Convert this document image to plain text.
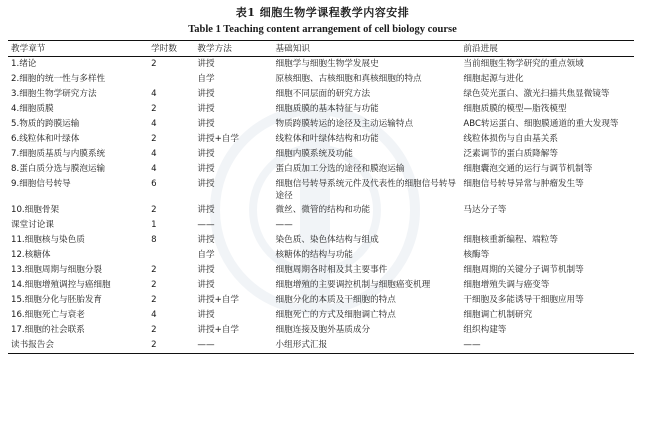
表1 细胞生物学课程教学内容安排
Table 1 Teaching content arrangement of cell biology course
教学章节	学时数	教学方法	基础知识	前沿进展
1.绪论	2	讲授	细胞学与细胞生物学发展史	当前细胞生物学研究的重点领域
2.细胞的统一性与多样性		自学	原核细胞、古核细胞和真核细胞的特点	细胞起源与进化
3.细胞生物学研究方法	4	讲授	细胞不同层面的研究方法	绿色荧光蛋白、激光扫描共焦显微镜等
4.细胞质膜	2	讲授	细胞质膜的基本特征与功能	细胞质膜的模型—脂筏模型
5.物质的跨膜运输	4	讲授	物质跨膜转运的途径及主动运输特点	ABC转运蛋白、细胞膜通道的重大发现等
6.线粒体和叶绿体	2	讲授+自学	线粒体和叶绿体结构和功能	线粒体损伤与自由基关系
7.细胞质基质与内膜系统	4	讲授	细胞内膜系统及功能	泛素调节的蛋白质降解等
8.蛋白质分选与膜泡运输	4	讲授	蛋白质加工分选的途径和膜泡运输	细胞囊泡交通的运行与调节机制等
9.细胞信号转导	6	讲授	细胞信号转导系统元件及代表性的细胞信号转导途径	细胞信号转导异常与肿瘤发生等
10.细胞骨架	2	讲授	微丝、微管的结构和功能	马达分子等
课堂讨论课	1	——	——	
11.细胞核与染色质	8	讲授	染色质、染色体结构与组成	细胞核重新编程、端粒等
12.核糖体		自学	核糖体的结构与功能	核酶等
13.细胞周期与细胞分裂	2	讲授	细胞周期各时相及其主要事件	细胞周期的关键分子调节机制等
14.细胞增殖调控与癌细胞	2	讲授	细胞增殖的主要调控机制与细胞癌变机理	细胞增殖失调与癌变等
15.细胞分化与胚胎发育	2	讲授+自学	细胞分化的本质及干细胞的特点	干细胞及多能诱导干细胞应用等
16.细胞死亡与衰老	4	讲授	细胞死亡的方式及细胞调亡特点	细胞调亡机制研究
17.细胞的社会联系	2	讲授+自学	细胞连接及胞外基质成分	组织构建等
读书报告会	2	——	小组形式汇报	——
